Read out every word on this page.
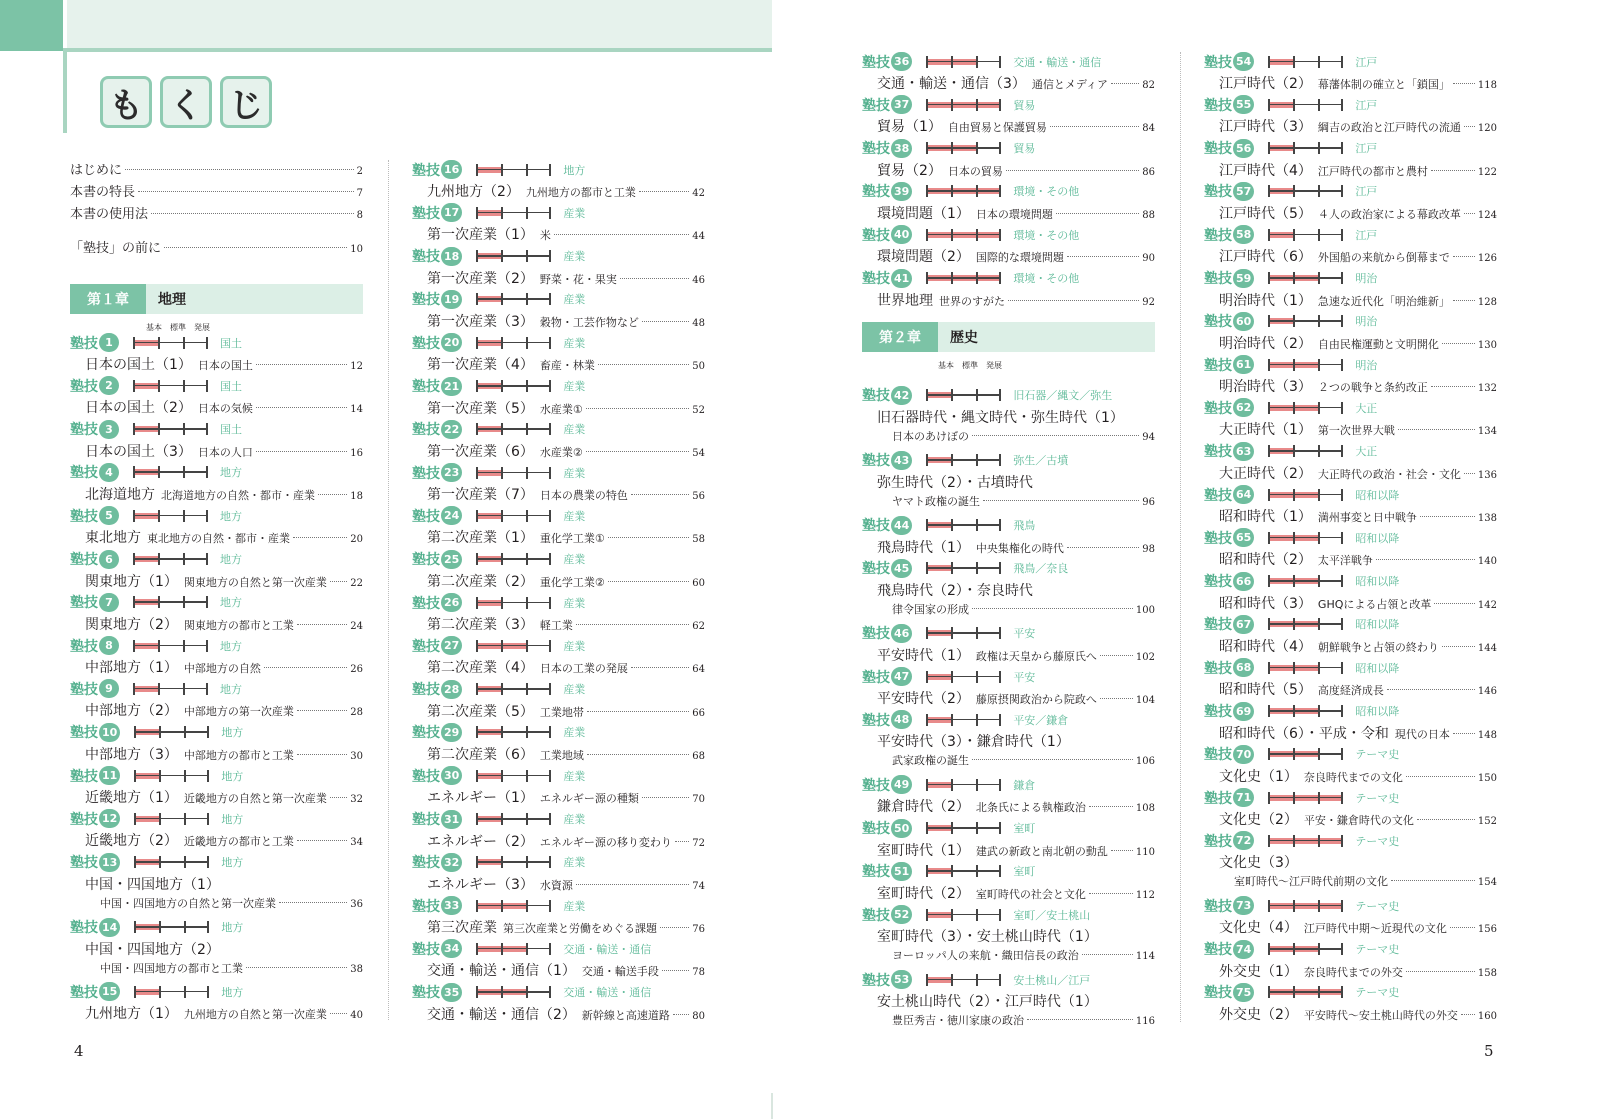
も く じ
はじめに	2
本書の特長	7
本書の使用法	8
「塾技」の前に	10
第１章	地理
基本 標準 発展
塾技 1	国土
日本の国土（1） 日本の国土	12
塾技 2	国土
日本の国土（2） 日本の気候	14
塾技 3	国土
日本の国土（3） 日本の人口	16
塾技 4	地方
北海道地方 北海道地方の自然・都市・産業	18
塾技 5	地方
東北地方 東北地方の自然・都市・産業	20
塾技 6	地方
関東地方（1） 関東地方の自然と第一次産業 22
塾技 7	地方
関東地方（2） 関東地方の都市と工業	24
塾技 8	地方
中部地方（1） 中部地方の自然	26
塾技 9	地方
中部地方（2） 中部地方の第一次産業	28
塾技 10	地方
中部地方（3） 中部地方の都市と工業	30
塾技 11	地方
近畿地方（1） 近畿地方の自然と第一次産業 32
塾技 12	地方
近畿地方（2） 近畿地方の都市と工業	34
塾技 13	地方
中国・四国地方（1）
中国・四国地方の自然と第一次産業	36
塾技 14	地方
中国・四国地方（2）
中国・四国地方の都市と工業	38
塾技 15	地方
九州地方（1） 九州地方の自然と第一次産業 40
塾技 16	地方
九州地方（2） 九州地方の都市と工業	42
塾技 17	産業
第一次産業（1） 米	44
塾技 18	産業
第一次産業（2） 野菜・花・果実	46
塾技 19	産業
第一次産業（3） 穀物・工芸作物など	48
塾技 20	産業
第一次産業（4） 畜産・林業	50
塾技 21	産業
第一次産業（5） 水産業①	52
塾技 22	産業
第一次産業（6） 水産業②	54
塾技 23	産業
第一次産業（7） 日本の農業の特色	56
塾技 24	産業
第二次産業（1） 重化学工業①	58
塾技 25	産業
第二次産業（2） 重化学工業②	60
塾技 26	産業
第二次産業（3） 軽工業	62
塾技 27	産業
第二次産業（4） 日本の工業の発展	64
塾技 28	産業
第二次産業（5） 工業地帯	66
塾技 29	産業
第二次産業（6） 工業地域	68
塾技 30	産業
エネルギー（1） エネルギー源の種類	70
塾技 31	産業
エネルギー（2） エネルギー源の移り変わり 72
塾技 32	産業
エネルギー（3） 水資源	74
塾技 33	産業
第三次産業 第三次産業と労働をめぐる課題	76
塾技 34	交通・輸送・通信
交通・輸送・通信（1） 交通・輸送手段	78
塾技 35	交通・輸送・通信
交通・輸送・通信（2） 新幹線と高速道路 80
塾技 36	交通・輸送・通信
交通・輸送・通信（3） 通信とメディア	82
塾技 37	貿易
貿易（1） 自由貿易と保護貿易	84
塾技 38	貿易
貿易（2） 日本の貿易	86
塾技 39	環境・その他
環境問題（1） 日本の環境問題	88
塾技 40	環境・その他
環境問題（2） 国際的な環境問題	90
塾技 41	環境・その他
世界地理 世界のすがた	92
第２章	歴史
基本 標準 発展
塾技 42	旧石器／縄文／弥生
旧石器時代・縄文時代・弥生時代（1）
日本のあけぼの	94
塾技 43	弥生／古墳
弥生時代（2）・古墳時代
ヤマト政権の誕生	96
塾技 44	飛鳥
飛鳥時代（1） 中央集権化の時代	98
塾技 45	飛鳥／奈良
飛鳥時代（2）・奈良時代
律令国家の形成	100
塾技 46	平安
平安時代（1） 政権は天皇から藤原氏へ	102
塾技 47	平安
平安時代（2） 藤原摂関政治から院政へ	104
塾技 48	平安／鎌倉
平安時代（3）・鎌倉時代（1）
武家政権の誕生	106
塾技 49	鎌倉
鎌倉時代（2） 北条氏による執権政治	108
塾技 50	室町
室町時代（1） 建武の新政と南北朝の動乱	110
塾技 51	室町
室町時代（2） 室町時代の社会と文化	112
塾技 52	室町／安土桃山
室町時代（3）・安土桃山時代（1）
ヨーロッパ人の来航・織田信長の政治	114
塾技 53	安土桃山／江戸
安土桃山時代（2）・江戸時代（1）
豊臣秀吉・徳川家康の政治	116
塾技 54	江戸
江戸時代（2） 幕藩体制の確立と「鎖国」	118
塾技 55	江戸
江戸時代（3） 綱吉の政治と江戸時代の流通 120
塾技 56	江戸
江戸時代（4） 江戸時代の都市と農村	122
塾技 57	江戸
江戸時代（5） ４人の政治家による幕政改革 124
塾技 58	江戸
江戸時代（6） 外国船の来航から倒幕まで	126
塾技 59	明治
明治時代（1） 急速な近代化「明治維新」	128
塾技 60	明治
明治時代（2） 自由民権運動と文明開化	130
塾技 61	明治
明治時代（3） ２つの戦争と条約改正	132
塾技 62	大正
大正時代（1） 第一次世界大戦	134
塾技 63	大正
大正時代（2） 大正時代の政治・社会・文化 136
塾技 64	昭和以降
昭和時代（1） 満州事変と日中戦争	138
塾技 65	昭和以降
昭和時代（2） 太平洋戦争	140
塾技 66	昭和以降
昭和時代（3） GHQによる占領と改革	142
塾技 67	昭和以降
昭和時代（4） 朝鮮戦争と占領の終わり	144
塾技 68	昭和以降
昭和時代（5） 高度経済成長	146
塾技 69	昭和以降
昭和時代（6）・平成・令和 現代の日本	148
塾技 70	テーマ史
文化史（1） 奈良時代までの文化	150
塾技 71	テーマ史
文化史（2） 平安・鎌倉時代の文化	152
塾技 72	テーマ史
文化史（3）
室町時代〜江戸時代前期の文化	154
塾技 73	テーマ史
文化史（4） 江戸時代中期〜近現代の文化	156
塾技 74	テーマ史
外交史（1） 奈良時代までの外交	158
塾技 75	テーマ史
外交史（2） 平安時代〜安土桃山時代の外交 160
4	5
